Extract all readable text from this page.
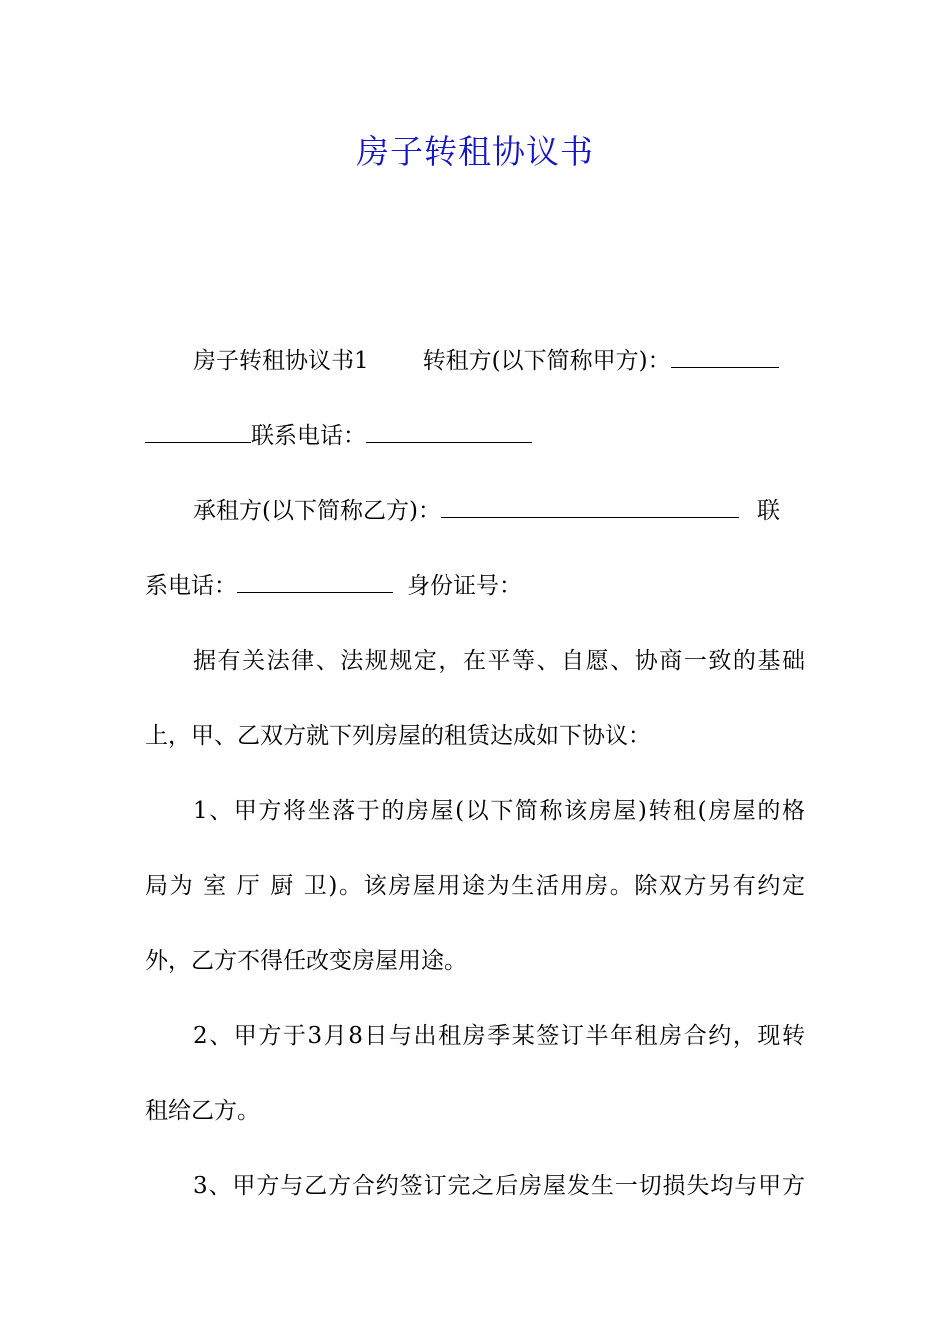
房子转租协议书
房子转租协议书1 转租方(以下简称甲方)：
联系电话：
承租方(以下简称乙方)：	联
系电话：	身份证号：
据有关法律、法规规定，在平等、自愿、协商一致的基础
上，甲、乙双方就下列房屋的租赁达成如下协议：
1、甲方将坐落于的房屋(以下简称该房屋)转租(房屋的格
局为 室 厅 厨 卫)。该房屋用途为生活用房。除双方另有约定
外，乙方不得任改变房屋用途。
2、甲方于3月8日与出租房季某签订半年租房合约，现转
租给乙方。
3、甲方与乙方合约签订完之后房屋发生一切损失均与甲方
